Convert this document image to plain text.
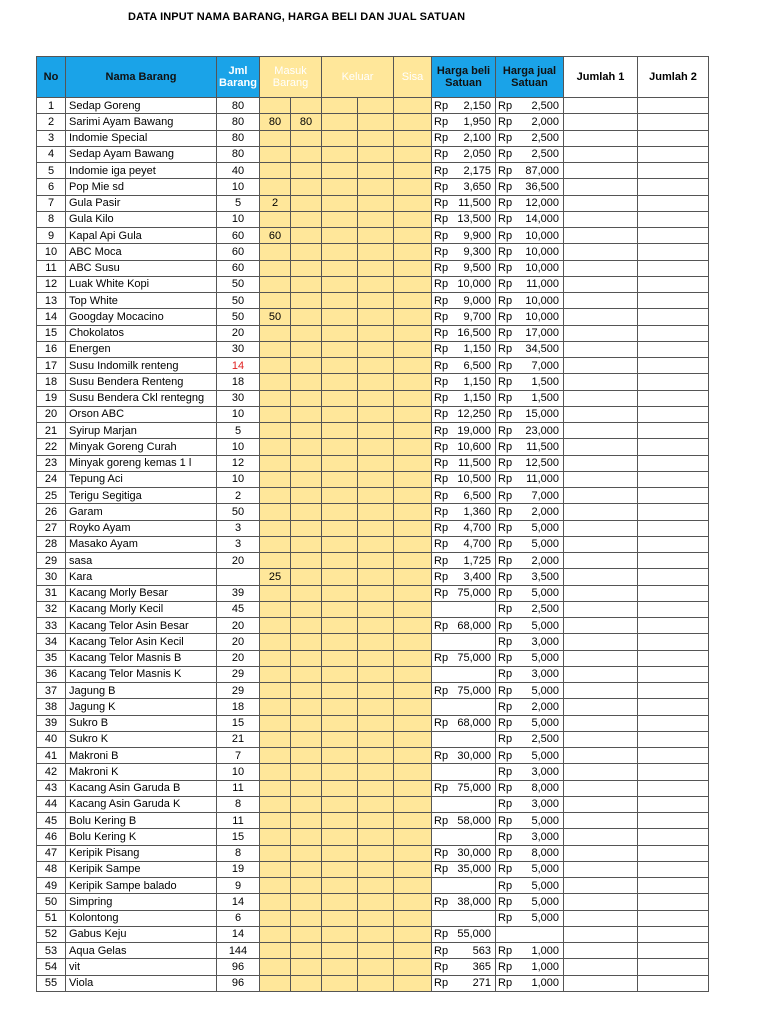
DATA INPUT NAMA BARANG, HARGA BELI DAN JUAL SATUAN
No	Nama Barang	Jml Barang	Masuk Barang		Keluar		Sisa	Harga beli Satuan	Harga jual Satuan	Jumlah 1	Jumlah 2
1	Sedap Goreng	80						Rp 2,150	Rp 2,500		

2	Sarimi Ayam Bawang	80	80	80				Rp 1,950	Rp 2,000		

3	Indomie Special	80						Rp 2,100	Rp 2,500		

4	Sedap Ayam Bawang	80						Rp 2,050	Rp 2,500		

5	Indomie iga peyet	40						Rp 2,175	Rp 87,000		

6	Pop Mie sd	10						Rp 3,650	Rp 36,500		

7	Gula Pasir	5	2					Rp 11,500	Rp 12,000		

8	Gula Kilo	10						Rp 13,500	Rp 14,000		

9	Kapal Api Gula	60	60					Rp 9,900	Rp 10,000		

10	ABC Moca	60						Rp 9,300	Rp 10,000		

11	ABC Susu	60						Rp 9,500	Rp 10,000		

12	Luak White Kopi	50						Rp 10,000	Rp 11,000		

13	Top White	50						Rp 9,000	Rp 10,000		

14	Googday Mocacino	50	50					Rp 9,700	Rp 10,000		

15	Chokolatos	20						Rp 16,500	Rp 17,000		

16	Energen	30						Rp 1,150	Rp 34,500		

17	Susu Indomilk renteng	14						Rp 6,500	Rp 7,000		

18	Susu Bendera Renteng	18						Rp 1,150	Rp 1,500		

19	Susu Bendera Ckl rentegng	30						Rp 1,150	Rp 1,500		

20	Orson ABC	10						Rp 12,250	Rp 15,000		

21	Syirup Marjan	5						Rp 19,000	Rp 23,000		

22	Minyak Goreng Curah	10						Rp 10,600	Rp 11,500		

23	Minyak goreng kemas 1 l	12						Rp 11,500	Rp 12,500		

24	Tepung Aci	10						Rp 10,500	Rp 11,000		

25	Terigu Segitiga	2						Rp 6,500	Rp 7,000		

26	Garam	50						Rp 1,360	Rp 2,000		

27	Royko Ayam	3						Rp 4,700	Rp 5,000		

28	Masako Ayam	3						Rp 4,700	Rp 5,000		

29	sasa	20						Rp 1,725	Rp 2,000		

30	Kara		25					Rp 3,400	Rp 3,500		

31	Kacang Morly Besar	39						Rp 75,000	Rp 5,000		

32	Kacang Morly Kecil	45							Rp 2,500		

33	Kacang Telor Asin Besar	20						Rp 68,000	Rp 5,000		

34	Kacang Telor Asin Kecil	20							Rp 3,000		

35	Kacang Telor Masnis B	20						Rp 75,000	Rp 5,000		

36	Kacang Telor Masnis K	29							Rp 3,000		

37	Jagung B	29						Rp 75,000	Rp 5,000		

38	Jagung K	18							Rp 2,000		

39	Sukro B	15						Rp 68,000	Rp 5,000		

40	Sukro K	21							Rp 2,500		

41	Makroni B	7						Rp 30,000	Rp 5,000		

42	Makroni K	10							Rp 3,000		

43	Kacang Asin Garuda B	11						Rp 75,000	Rp 8,000		

44	Kacang Asin Garuda K	8							Rp 3,000		

45	Bolu Kering B	11						Rp 58,000	Rp 5,000		

46	Bolu Kering K	15							Rp 3,000		

47	Keripik Pisang	8						Rp 30,000	Rp 8,000		

48	Keripik Sampe	19						Rp 35,000	Rp 5,000		

49	Keripik Sampe balado	9							Rp 5,000		

50	Simpring	14						Rp 38,000	Rp 5,000		

51	Kolontong	6							Rp 5,000		

52	Gabus Keju	14						Rp 55,000			

53	Aqua Gelas	144						Rp 563	Rp 1,000		

54	vit	96						Rp 365	Rp 1,000		

55	Viola	96						Rp 271	Rp 1,000		
